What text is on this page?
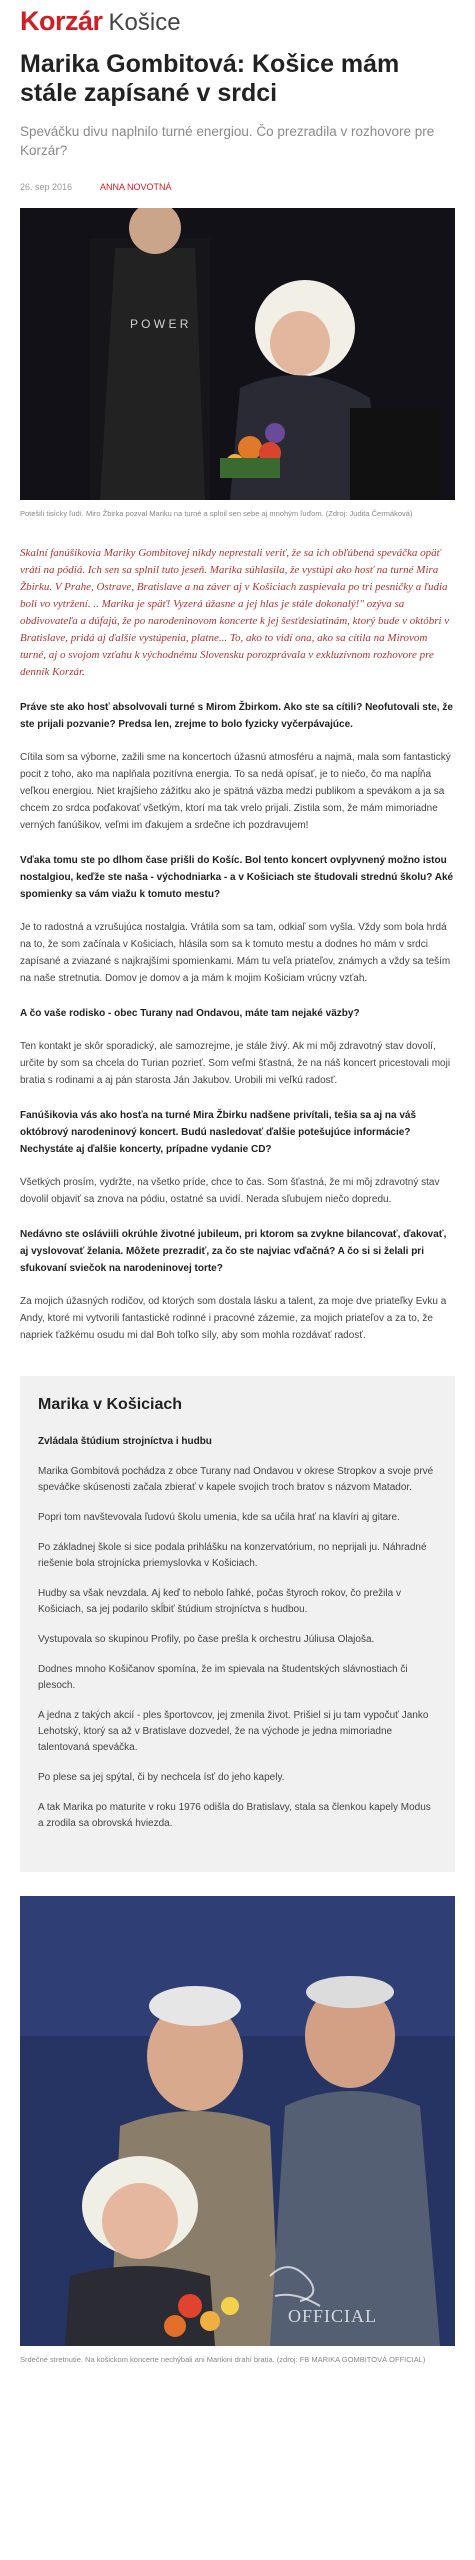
Korzár Košice
Marika Gombitová: Košice mám stále zapísané v srdci
Speváčku divu naplnilo turné energiou. Čo prezradila v rozhovore pre Korzár?
26. sep 2016	ANNA NOVOTNÁ
P O W E R
Potešili tisícky ľudí. Miro Žbirka pozval Mariku na turné a splnil sen sebe aj mnohým ľuďom. (Zdroj: Judita Čermáková)
Skalní fanúšikovia Mariky Gombitovej nikdy neprestali veriť, že sa ich obľúbená speváčka opäť vráti na pódiá. Ich sen sa splnil tuto jeseň. Marika súhlasila, že vystúpi ako hosť na turné Mira Žbirku. V Prahe, Ostrave, Bratislave a na záver aj v Košiciach zaspievala po tri pesničky a ľudia boli vo vytržení. .. Marika je späť! Vyzerá úžasne a jej hlas je stále dokonalý!" ozýva sa obdivovateľa a dúfajú, že po narodeninovom koncerte k jej šesťdesiatinám, ktorý bude v októbri v Bratislave, pridá aj ďalšie vystúpenia, platne... To, ako to vidí ona, ako sa cítila na Mirovom turné, aj o svojom vzťahu k východnému Slovensku porozprávala v exkluzívnom rozhovore pre denník Korzár.
Práve ste ako hosť absolvovali turné s Mirom Žbirkom. Ako ste sa cítili? Neofutovali ste, že ste prijali pozvanie? Predsa len, zrejme to bolo fyzicky vyčerpávajúce.
Cítila som sa výborne, zažili sme na koncertoch úžasnú atmosféru a najmä, mala som fantastický pocit z toho, ako ma naplňala pozitívna energia. To sa nedá opísať, je to niečo, čo ma napĺňa veľkou energiou. Niet krajšieho zážitku ako je spätná väzba medzi publikom a spevákom a ja sa chcem zo srdca poďakovať všetkým, ktorí ma tak vrelo prijali. Zistila som, že mám mimoriadne verných fanúšikov, veľmi im ďakujem a srdečne ich pozdravujem!
Vďaka tomu ste po dlhom čase prišli do Košíc. Bol tento koncert ovplyvnený možno istou nostalgiou, keďže ste naša - východniarka - a v Košiciach ste študovali strednú školu? Aké spomienky sa vám viažu k tomuto mestu?
Je to radostná a vzrušujúca nostalgia. Vrátila som sa tam, odkiaľ som vyšla. Vždy som bola hrdá na to, že som začínala v Košiciach, hlásila som sa k tomuto mestu a dodnes ho mám v srdci zapísané a zviazané s najkrajšími spomienkami. Mám tu veľa priateľov, známych a vždy sa teším na naše stretnutia. Domov je domov a ja mám k mojim Košiciam vrúcny vzťah.
A čo vaše rodisko - obec Turany nad Ondavou, máte tam nejaké väzby?
Ten kontakt je skôr sporadický, ale samozrejme, je stále živý. Ak mi môj zdravotný stav dovolí, určite by som sa chcela do Turian pozrieť. Som veľmi šťastná, že na náš koncert pricestovali moji bratia s rodinami a aj pán starosta Ján Jakubov. Urobili mi veľkú radosť.
Fanúšikovia vás ako hosťa na turné Mira Žbirku nadšene privítali, tešia sa aj na váš októbrový narodeninový koncert. Budú nasledovať ďalšie potešujúce informácie? Nechystáte aj ďalšie koncerty, prípadne vydanie CD?
Všetkých prosím, vydržte, na všetko príde, chce to čas. Som šťastná, že mi môj zdravotný stav dovolil objaviť sa znova na pódiu, ostatné sa uvidí. Nerada sľubujem niečo dopredu.
Nedávno ste osláviili okrúhle životné jubileum, pri ktorom sa zvykne bilancovať, ďakovať, aj vyslovovať želania. Môžete prezradiť, za čo ste najviac vďačná? A čo si si želali pri sfukovaní sviečok na narodeninovej torte?
Za mojich úžasných rodičov, od ktorých som dostala lásku a talent, za moje dve priateľky Evku a Andy, ktoré mi vytvorili fantastické rodinné i pracovné zázemie, za mojich priateľov a za to, že napriek ťažkému osudu mi dal Boh toľko síly, aby som mohla rozdávať radosť.
Marika v Košiciach

Zvládala štúdium strojníctva i hudbu

Marika Gombitová pochádza z obce Turany nad Ondavou v okrese Stropkov a svoje prvé speváčke skúsenosti začala zbierať v kapele svojich troch bratov s názvom Matador.

Popri tom navštevovala ľudovú školu umenia, kde sa učila hrať na klavíri aj gitare.

Po základnej škole si sice podala prihlášku na konzervatórium, no neprijali ju. Náhradné riešenie bola strojnícka priemyslovka v Košiciach.

Hudby sa však nevzdala. Aj keď to nebolo ľahké, počas štyroch rokov, čo prežila v Košiciach, sa jej podarilo skĺbiť štúdium strojníctva s hudbou.

Vystupovala so skupinou Profily, po čase prešla k orchestru Júliusa Olajoša.

Dodnes mnoho Košičanov spomína, že im spievala na študentských slávnostiach či plesoch.

A jedna z takých akcií - ples športovcov, jej zmenila život. Prišiel si ju tam vypočuť Janko Lehotský, ktorý sa až v Bratislave dozvedel, že na východe je jedna mimoriadne talentovaná speváčka.

Po plese sa jej spýtal, či by nechcela ísť do jeho kapely.

A tak Marika po maturite v roku 1976 odišla do Bratislavy, stala sa členkou kapely Modus a zrodila sa obrovská hviezda.

OFFICIAL
Srdečné stretnutie. Na košickom koncerte nechýbali ani Marikini drahí bratia. (zdroj: FB MARIKA GOMBITOVÁ OFFICIAL)
